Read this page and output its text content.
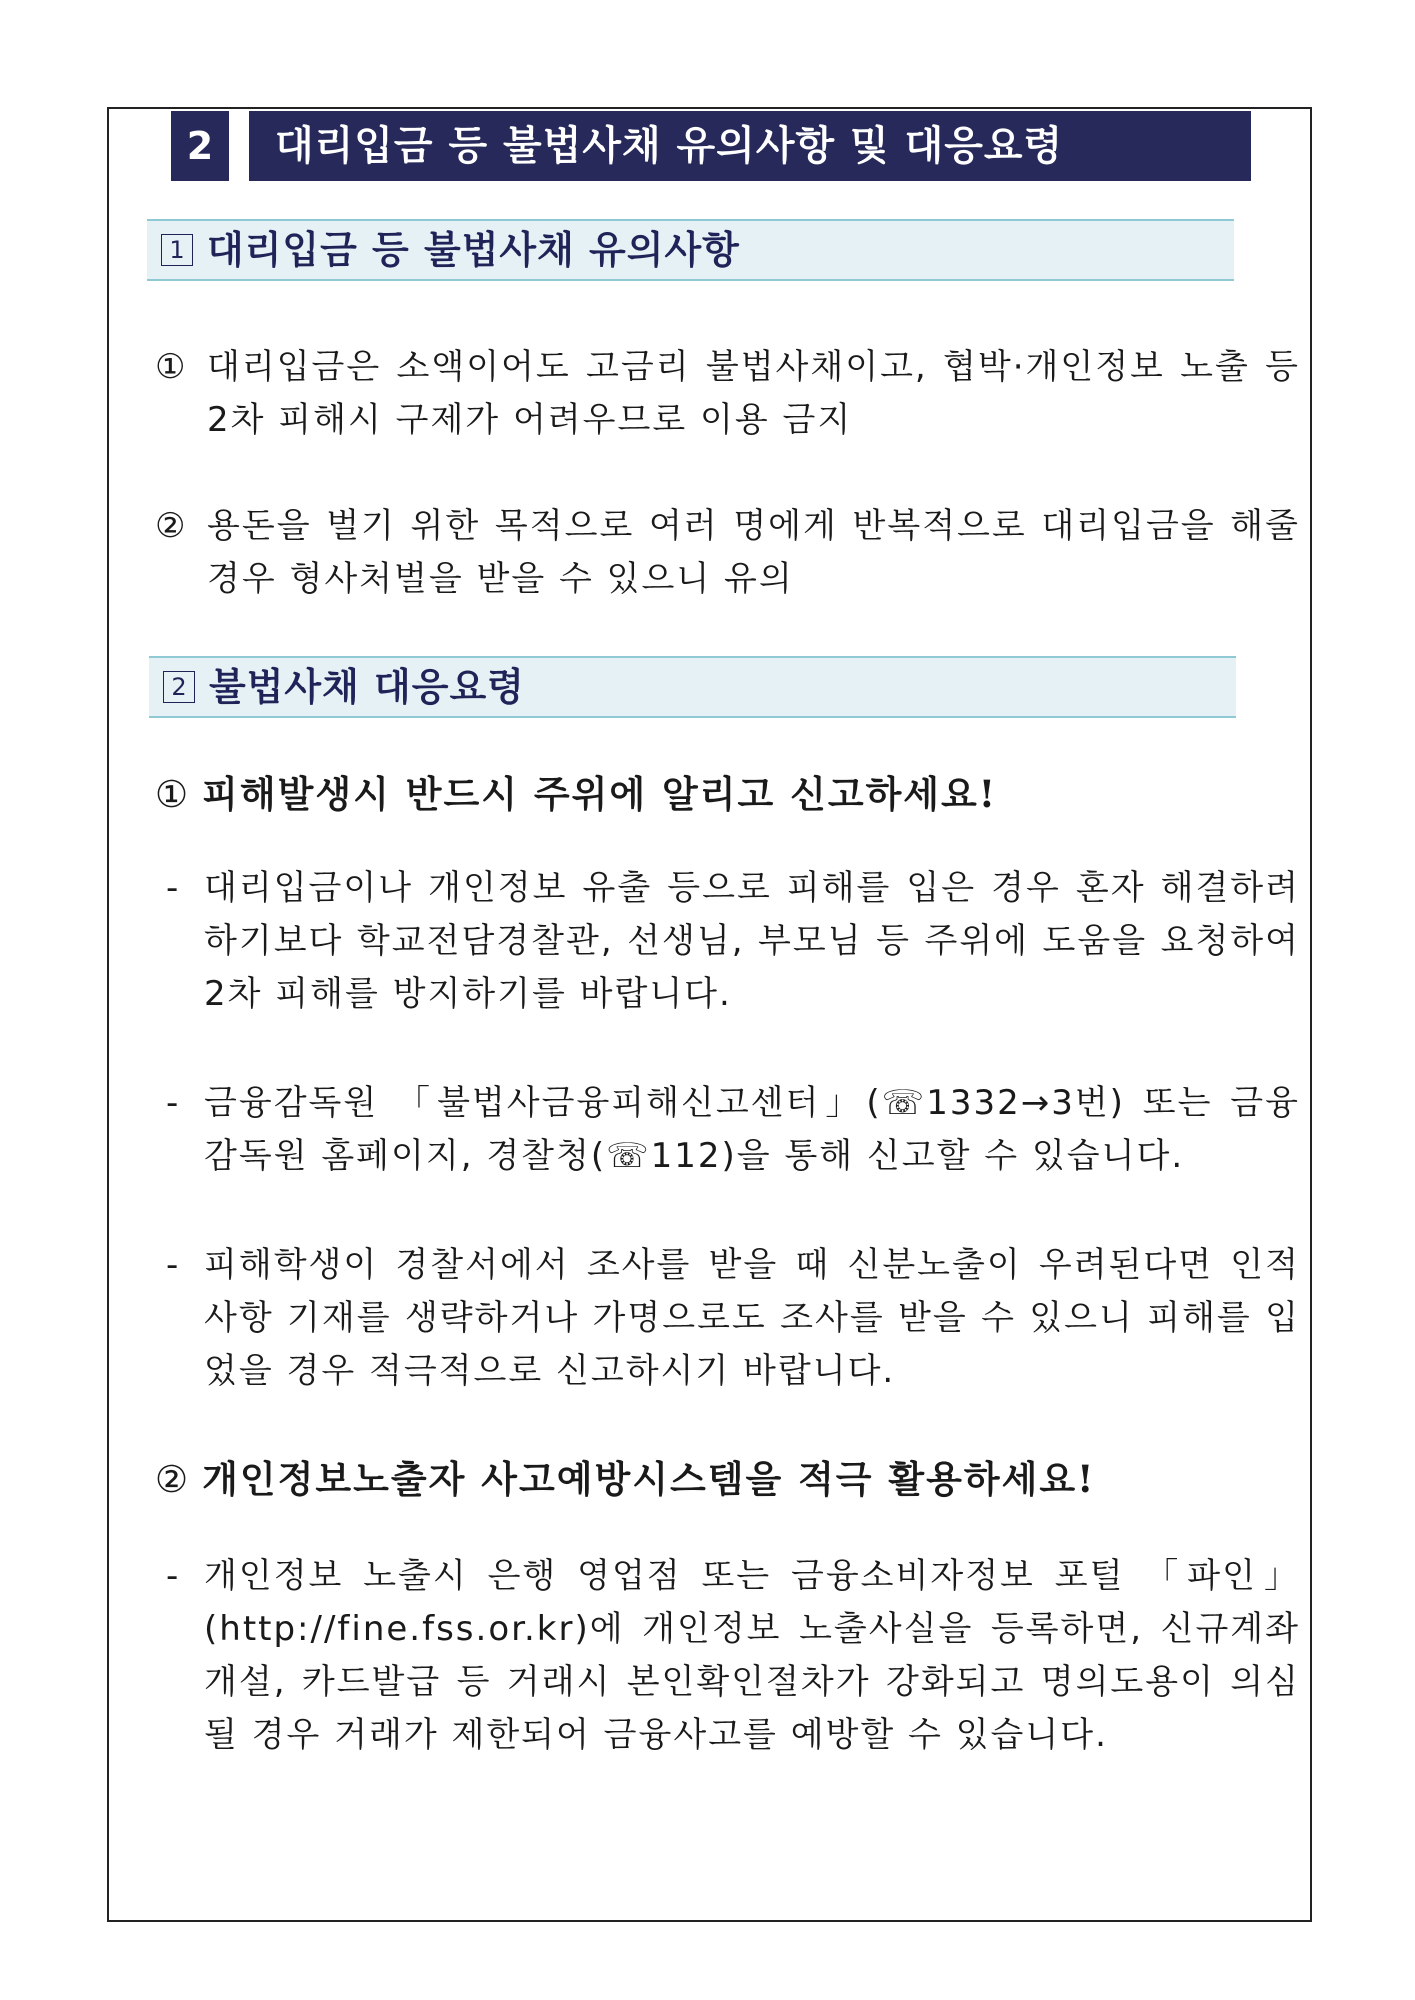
2	대리입금 등 불법사채 유의사항 및 대응요령
1 대리입금 등 불법사채 유의사항
① 대리입금은 소액이어도 고금리 불법사채이고, 협박·개인정보 노출 등 2차 피해시 구제가 어려우므로 이용 금지
② 용돈을 벌기 위한 목적으로 여러 명에게 반복적으로 대리입금을 해줄 경우 형사처벌을 받을 수 있으니 유의
2 불법사채 대응요령
① 피해발생시 반드시 주위에 알리고 신고하세요!
- 대리입금이나 개인정보 유출 등으로 피해를 입은 경우 혼자 해결하려 하기보다 학교전담경찰관, 선생님, 부모님 등 주위에 도움을 요청하여 2차 피해를 방지하기를 바랍니다.
- 금융감독원 「불법사금융피해신고센터」(☏1332→3번) 또는 금융감독원 홈페이지, 경찰청(☏112)을 통해 신고할 수 있습니다.
- 피해학생이 경찰서에서 조사를 받을 때 신분노출이 우려된다면 인적사항 기재를 생략하거나 가명으로도 조사를 받을 수 있으니 피해를 입었을 경우 적극적으로 신고하시기 바랍니다.
② 개인정보노출자 사고예방시스템을 적극 활용하세요!
- 개인정보 노출시 은행 영업점 또는 금융소비자정보 포털 「파인」(http://fine.fss.or.kr)에 개인정보 노출사실을 등록하면, 신규계좌 개설, 카드발급 등 거래시 본인확인절차가 강화되고 명의도용이 의심될 경우 거래가 제한되어 금융사고를 예방할 수 있습니다.
